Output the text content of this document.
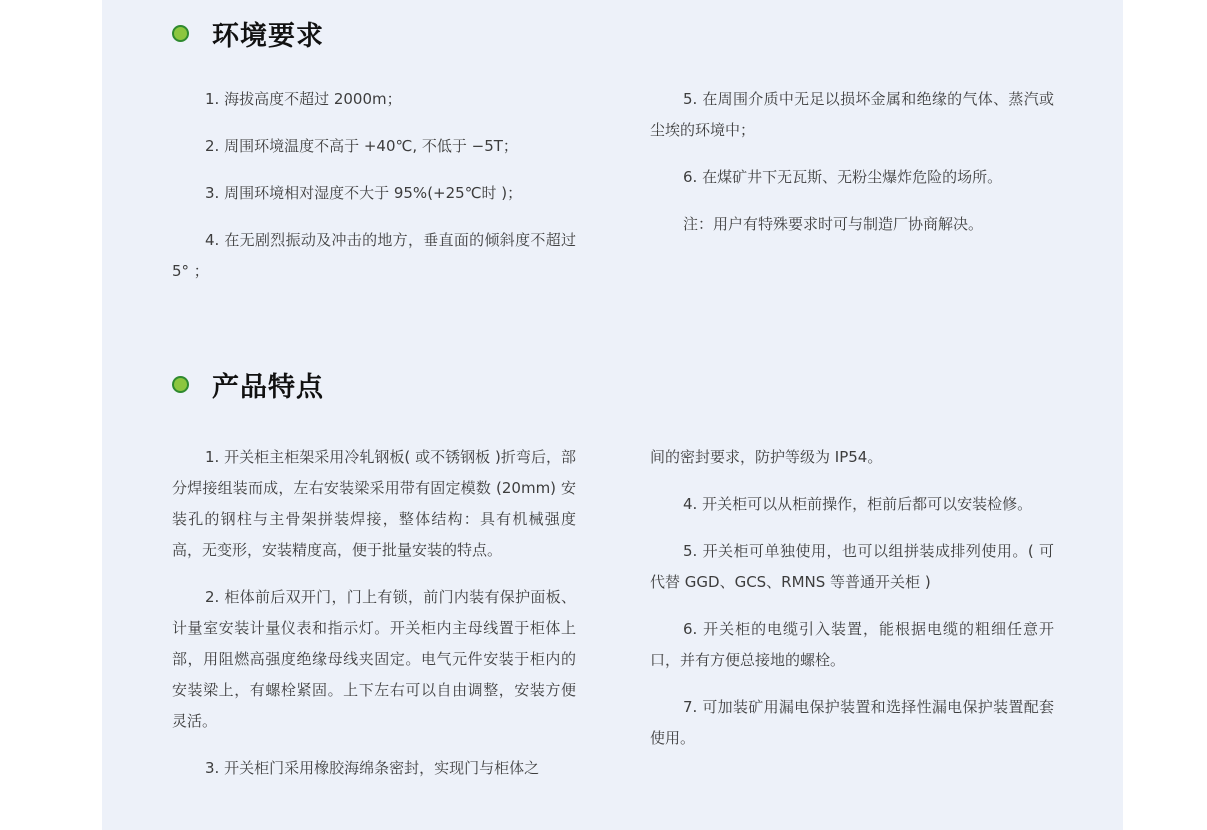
环境要求

1. 海拔高度不超过 2000m；

2. 周围环境温度不高于 +40℃, 不低于 −5T；

3. 周围环境相对湿度不大于 95%(+25℃时 )；

4. 在无剧烈振动及冲击的地方，垂直面的倾斜度不超过 5° ；

5. 在周围介质中无足以损坏金属和绝缘的气体、蒸汽或尘埃的环境中；

6. 在煤矿井下无瓦斯、无粉尘爆炸危险的场所。

注：用户有特殊要求时可与制造厂协商解决。

产品特点

1. 开关柜主柜架采用冷轧钢板( 或不锈钢板 )折弯后，部分焊接组装而成，左右安装梁采用带有固定模数 (20mm) 安装孔的钢柱与主骨架拼装焊接，整体结构：具有机械强度高，无变形，安装精度高，便于批量安装的特点。

2. 柜体前后双开门，门上有锁，前门内装有保护面板、计量室安装计量仪表和指示灯。开关柜内主母线置于柜体上部，用阻燃高强度绝缘母线夹固定。电气元件安装于柜内的安装梁上，有螺栓紧固。上下左右可以自由调整，安装方便灵活。

3. 开关柜门采用橡胶海绵条密封，实现门与柜体之

间的密封要求，防护等级为 IP54。

4. 开关柜可以从柜前操作，柜前后都可以安装检修。

5. 开关柜可单独使用，也可以组拼装成排列使用。( 可代替 GGD、GCS、RMNS 等普通开关柜 )

6. 开关柜的电缆引入装置，能根据电缆的粗细任意开口，并有方便总接地的螺栓。

7. 可加装矿用漏电保护装置和选择性漏电保护装置配套使用。
